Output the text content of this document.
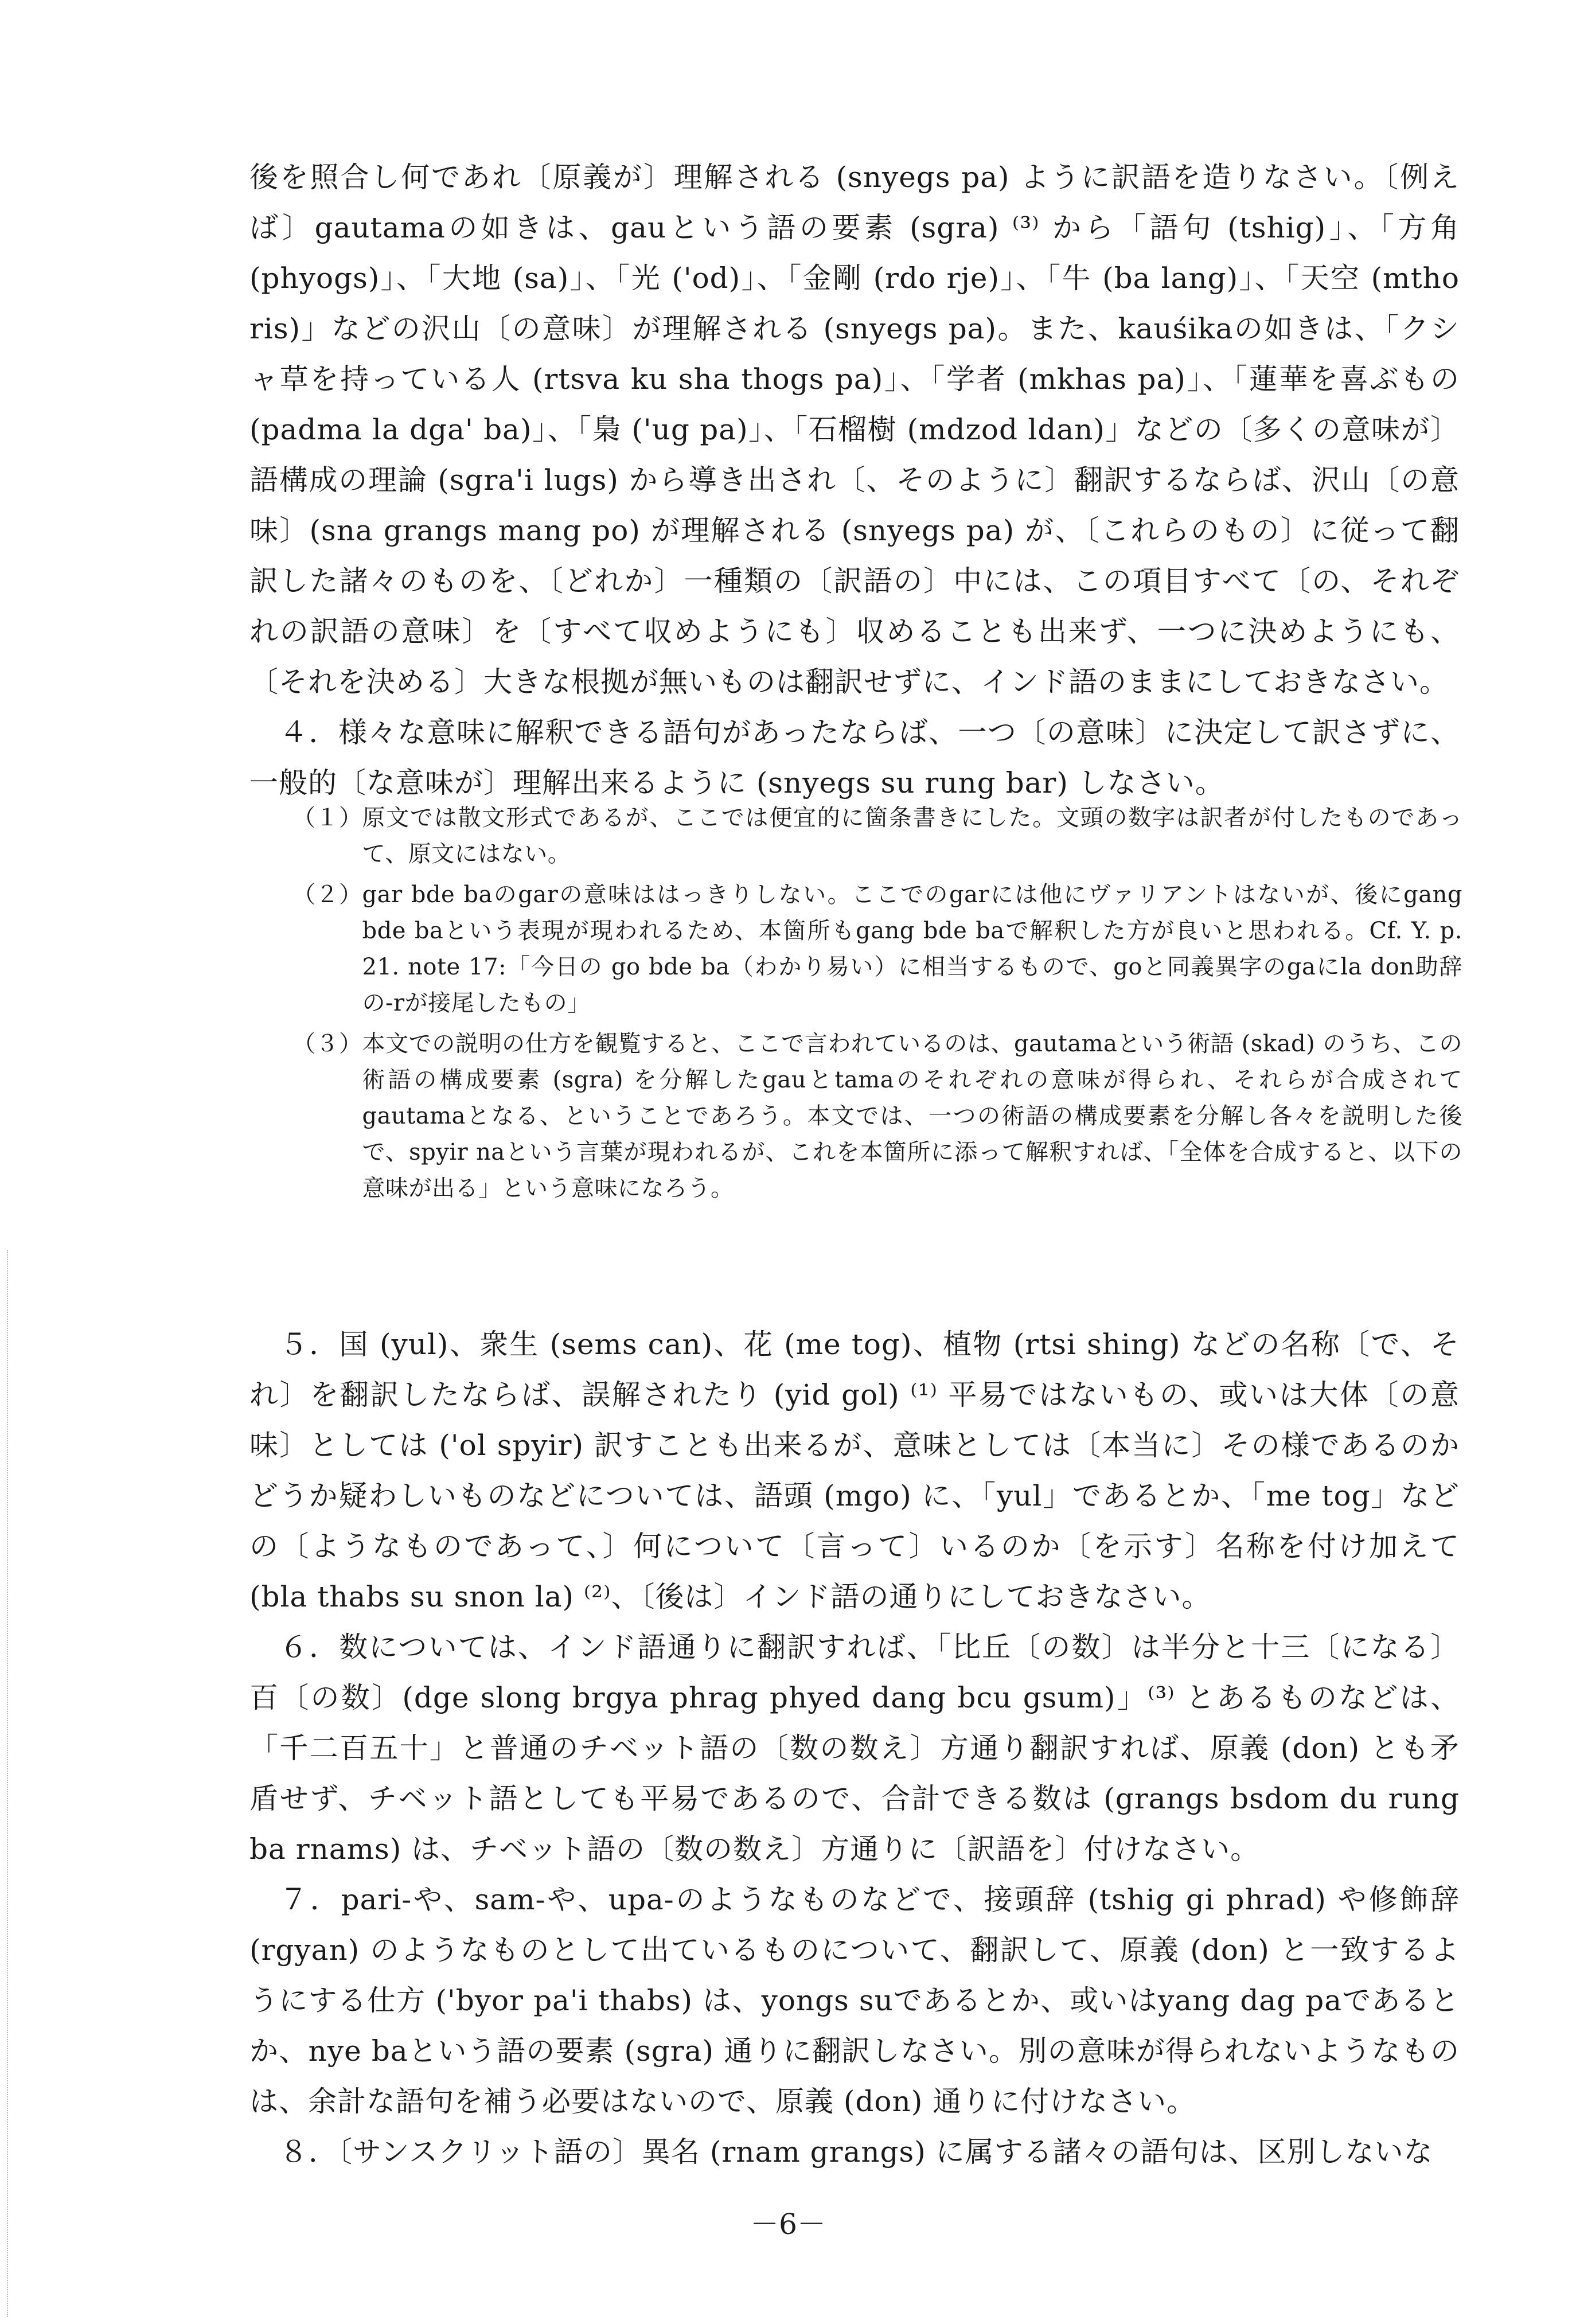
後を照合し何であれ〔原義が〕理解される (snyegs pa) ように訳語を造りなさい。〔例えば〕gautamaの如きは、gauという語の要素 (sgra) ⁽³⁾ から「語句 (tshig)」、「方角 (phyogs)」、「大地 (sa)」、「光 ('od)」、「金剛 (rdo rje)」、「牛 (ba lang)」、「天空 (mtho ris)」などの沢山〔の意味〕が理解される (snyegs pa)。また、kauśikaの如きは、「クシャ草を持っている人 (rtsva ku sha thogs pa)」、「学者 (mkhas pa)」、「蓮華を喜ぶもの (padma la dga' ba)」、「梟 ('ug pa)」、「石榴樹 (mdzod ldan)」などの〔多くの意味が〕語構成の理論 (sgra'i lugs) から導き出され〔、そのように〕翻訳するならば、沢山〔の意味〕(sna grangs mang po) が理解される (snyegs pa) が、〔これらのもの〕に従って翻訳した諸々のものを、〔どれか〕一種類の〔訳語の〕中には、この項目すべて〔の、それぞれの訳語の意味〕を〔すべて収めようにも〕収めることも出来ず、一つに決めようにも、〔それを決める〕大きな根拠が無いものは翻訳せずに、インド語のままにしておきなさい。

４．様々な意味に解釈できる語句があったならば、一つ〔の意味〕に決定して訳さずに、一般的〔な意味が〕理解出来るように (snyegs su rung bar) しなさい。

（１） 原文では散文形式であるが、ここでは便宜的に箇条書きにした。文頭の数字は訳者が付したものであって、原文にはない。
（２） gar bde baのgarの意味ははっきりしない。ここでのgarには他にヴァリアントはないが、後にgang bde baという表現が現われるため、本箇所もgang bde baで解釈した方が良いと思われる。Cf. Y. p. 21. note 17:「今日の go bde ba（わかり易い）に相当するもので、goと同義異字のgaにla don助辞の-rが接尾したもの」
（３） 本文での説明の仕方を観覧すると、ここで言われているのは、gautamaという術語 (skad) のうち、この術語の構成要素 (sgra) を分解したgauとtamaのそれぞれの意味が得られ、それらが合成されてgautamaとなる、ということであろう。本文では、一つの術語の構成要素を分解し各々を説明した後で、spyir naという言葉が現われるが、これを本箇所に添って解釈すれば、「全体を合成すると、以下の意味が出る」という意味になろう。

５．国 (yul)、衆生 (sems can)、花 (me tog)、植物 (rtsi shing) などの名称〔で、それ〕を翻訳したならば、誤解されたり (yid gol) ⁽¹⁾ 平易ではないもの、或いは大体〔の意味〕としては ('ol spyir) 訳すことも出来るが、意味としては〔本当に〕その様であるのかどうか疑わしいものなどについては、語頭 (mgo) に、「yul」であるとか、「me tog」などの〔ようなものであって、〕何について〔言って〕いるのか〔を示す〕名称を付け加えて (bla thabs su snon la) ⁽²⁾、〔後は〕インド語の通りにしておきなさい。

６．数については、インド語通りに翻訳すれば、「比丘〔の数〕は半分と十三〔になる〕百〔の数〕(dge slong brgya phrag phyed dang bcu gsum)」⁽³⁾ とあるものなどは、「千二百五十」と普通のチベット語の〔数の数え〕方通り翻訳すれば、原義 (don) とも矛盾せず、チベット語としても平易であるので、合計できる数は (grangs bsdom du rung ba rnams) は、チベット語の〔数の数え〕方通りに〔訳語を〕付けなさい。

７．pari-や、sam-や、upa-のようなものなどで、接頭辞 (tshig gi phrad) や修飾辞 (rgyan) のようなものとして出ているものについて、翻訳して、原義 (don) と一致するようにする仕方 ('byor pa'i thabs) は、yongs suであるとか、或いはyang dag paであるとか、nye baという語の要素 (sgra) 通りに翻訳しなさい。別の意味が得られないようなものは、余計な語句を補う必要はないので、原義 (don) 通りに付けなさい。

８．〔サンスクリット語の〕異名 (rnam grangs) に属する諸々の語句は、区別しないな

－6－
